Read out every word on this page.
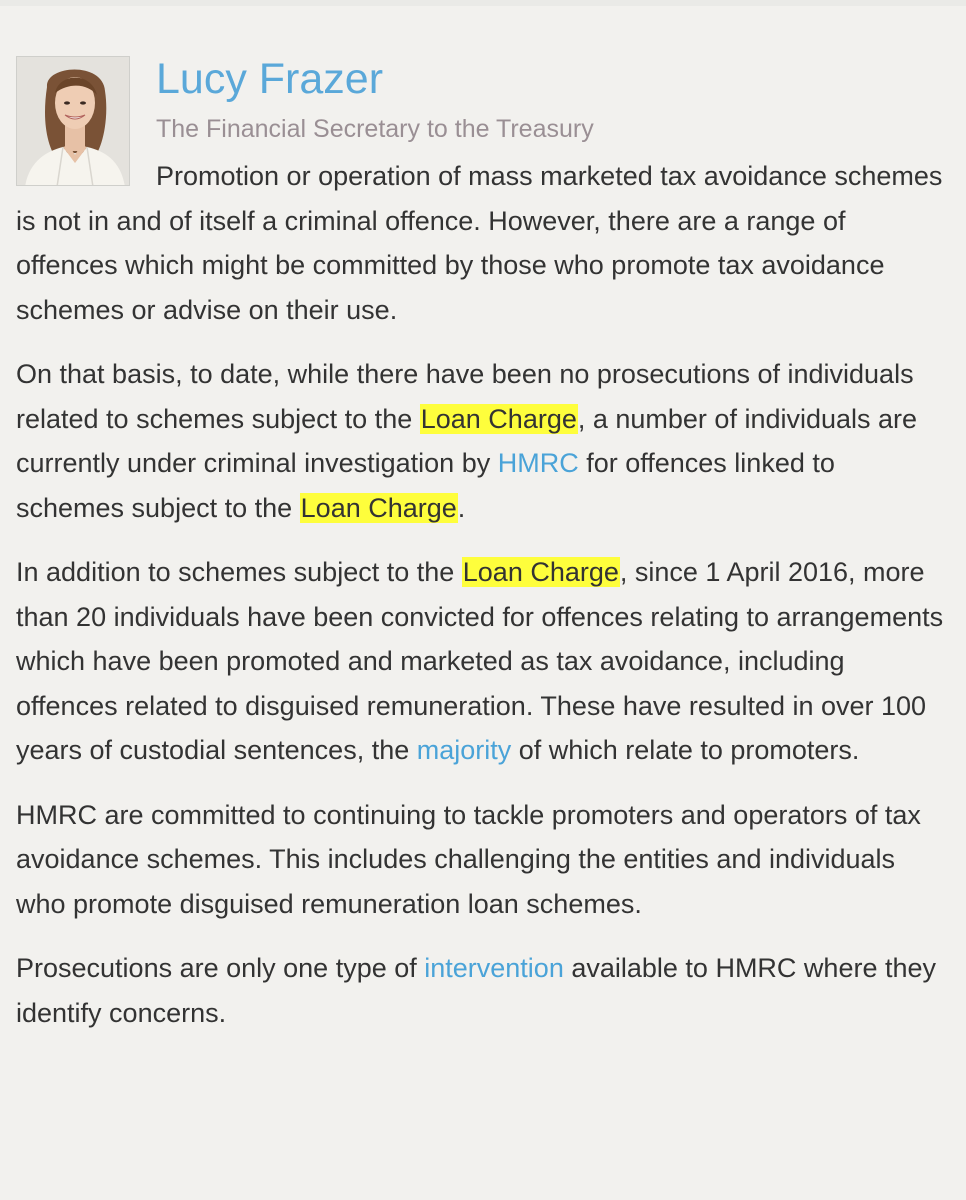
Lucy Frazer
The Financial Secretary to the Treasury

Promotion or operation of mass marketed tax avoidance schemes is not in and of itself a criminal offence. However, there are a range of offences which might be committed by those who promote tax avoidance schemes or advise on their use.

On that basis, to date, while there have been no prosecutions of individuals related to schemes subject to the Loan Charge, a number of individuals are currently under criminal investigation by HMRC for offences linked to schemes subject to the Loan Charge.

In addition to schemes subject to the Loan Charge, since 1 April 2016, more than 20 individuals have been convicted for offences relating to arrangements which have been promoted and marketed as tax avoidance, including offences related to disguised remuneration. These have resulted in over 100 years of custodial sentences, the majority of which relate to promoters.

HMRC are committed to continuing to tackle promoters and operators of tax avoidance schemes. This includes challenging the entities and individuals who promote disguised remuneration loan schemes.

Prosecutions are only one type of intervention available to HMRC where they identify concerns.
